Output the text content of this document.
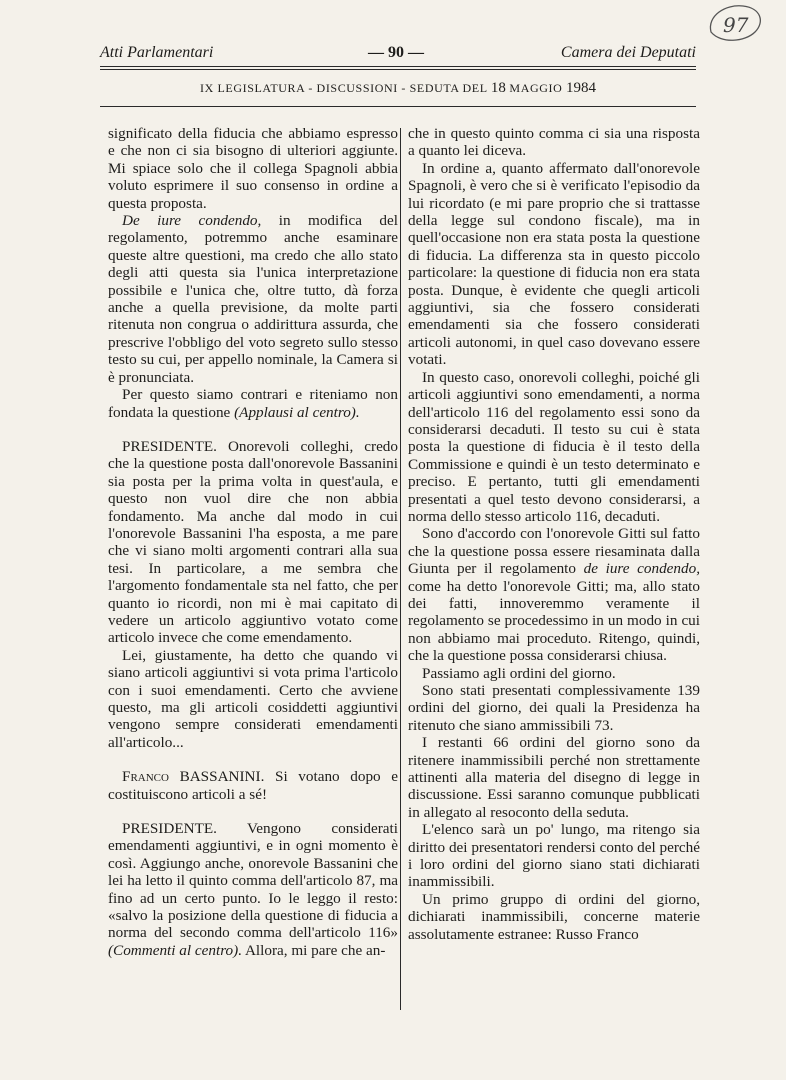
97
Atti Parlamentari	— 90 —	Camera dei Deputati
IX LEGISLATURA - DISCUSSIONI - SEDUTA DEL 18 MAGGIO 1984

significato della fiducia che abbiamo espresso e che non ci sia bisogno di ulteriori aggiunte. Mi spiace solo che il collega Spagnoli abbia voluto esprimere il suo consenso in ordine a questa proposta.

De iure condendo, in modifica del regolamento, potremmo anche esaminare queste altre questioni, ma credo che allo stato degli atti questa sia l'unica interpretazione possibile e l'unica che, oltre tutto, dà forza anche a quella previsione, da molte parti ritenuta non congrua o addirittura assurda, che prescrive l'obbligo del voto segreto sullo stesso testo su cui, per appello nominale, la Camera si è pronunciata.

Per questo siamo contrari e riteniamo non fondata la questione (Applausi al centro).

PRESIDENTE. Onorevoli colleghi, credo che la questione posta dall'onorevole Bassanini sia posta per la prima volta in quest'aula, e questo non vuol dire che non abbia fondamento. Ma anche dal modo in cui l'onorevole Bassanini l'ha esposta, a me pare che vi siano molti argomenti contrari alla sua tesi. In particolare, a me sembra che l'argomento fondamentale sta nel fatto, che per quanto io ricordi, non mi è mai capitato di vedere un articolo aggiuntivo votato come articolo invece che come emendamento.

Lei, giustamente, ha detto che quando vi siano articoli aggiuntivi si vota prima l'articolo con i suoi emendamenti. Certo che avviene questo, ma gli articoli cosiddetti aggiuntivi vengono sempre considerati emendamenti all'articolo...

Franco BASSANINI. Si votano dopo e costituiscono articoli a sé!

PRESIDENTE. Vengono considerati emendamenti aggiuntivi, e in ogni momento è così. Aggiungo anche, onorevole Bassanini che lei ha letto il quinto comma dell'articolo 87, ma fino ad un certo punto. Io le leggo il resto: «salvo la posizione della questione di fiducia a norma del secondo comma dell'articolo 116» (Commenti al centro). Allora, mi pare che an-

che in questo quinto comma ci sia una risposta a quanto lei diceva.

In ordine a, quanto affermato dall'onorevole Spagnoli, è vero che si è verificato l'episodio da lui ricordato (e mi pare proprio che si trattasse della legge sul condono fiscale), ma in quell'occasione non era stata posta la questione di fiducia. La differenza sta in questo piccolo particolare: la questione di fiducia non era stata posta. Dunque, è evidente che quegli articoli aggiuntivi, sia che fossero considerati emendamenti sia che fossero considerati articoli autonomi, in quel caso dovevano essere votati.

In questo caso, onorevoli colleghi, poiché gli articoli aggiuntivi sono emendamenti, a norma dell'articolo 116 del regolamento essi sono da considerarsi decaduti. Il testo su cui è stata posta la questione di fiducia è il testo della Commissione e quindi è un testo determinato e preciso. E pertanto, tutti gli emendamenti presentati a quel testo devono considerarsi, a norma dello stesso articolo 116, decaduti.

Sono d'accordo con l'onorevole Gitti sul fatto che la questione possa essere riesaminata dalla Giunta per il regolamento de iure condendo, come ha detto l'onorevole Gitti; ma, allo stato dei fatti, innoveremmo veramente il regolamento se procedessimo in un modo in cui non abbiamo mai proceduto. Ritengo, quindi, che la questione possa considerarsi chiusa.

Passiamo agli ordini del giorno.

Sono stati presentati complessivamente 139 ordini del giorno, dei quali la Presidenza ha ritenuto che siano ammissibili 73.

I restanti 66 ordini del giorno sono da ritenere inammissibili perché non strettamente attinenti alla materia del disegno di legge in discussione. Essi saranno comunque pubblicati in allegato al resoconto della seduta.

L'elenco sarà un po' lungo, ma ritengo sia diritto dei presentatori rendersi conto del perché i loro ordini del giorno siano stati dichiarati inammissibili.

Un primo gruppo di ordini del giorno, dichiarati inammissibili, concerne materie assolutamente estranee: Russo Franco
